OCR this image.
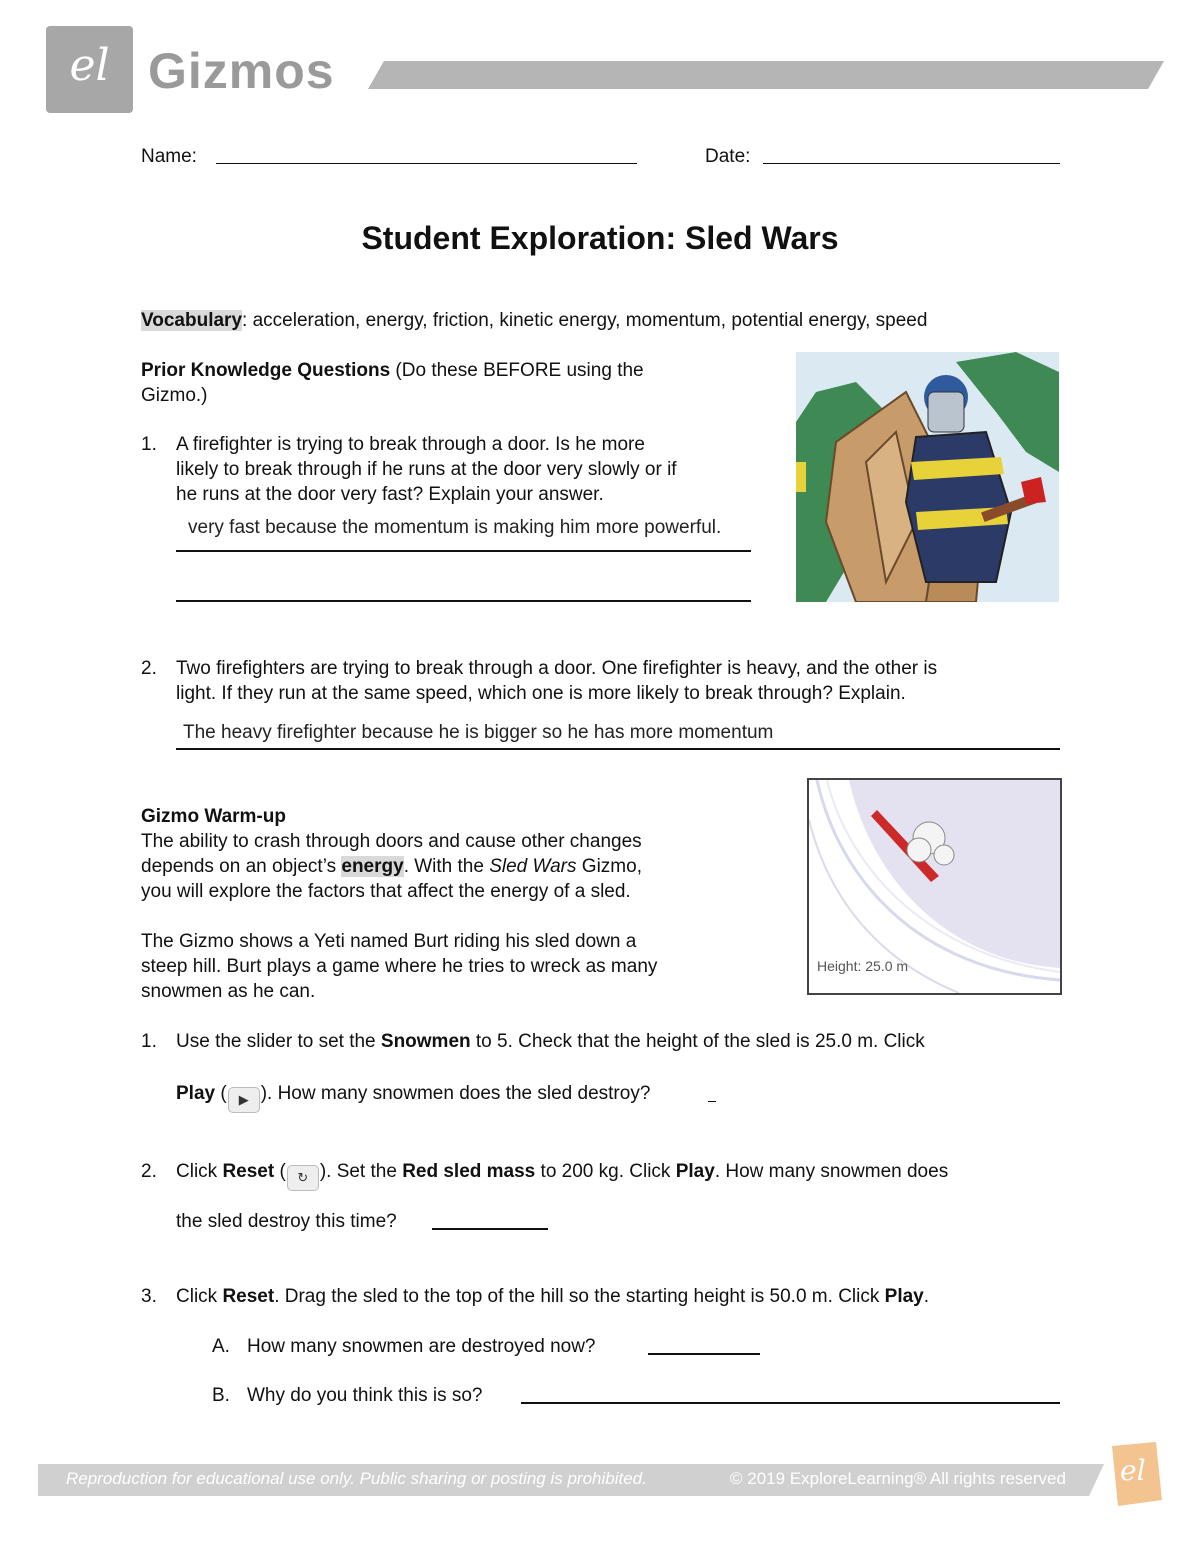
el Gizmos
Name:	Date:
Student Exploration: Sled Wars
Vocabulary: acceleration, energy, friction, kinetic energy, momentum, potential energy, speed
Prior Knowledge Questions (Do these BEFORE using the
Gizmo.)
1. A firefighter is trying to break through a door. Is he more
likely to break through if he runs at the door very slowly or if
he runs at the door very fast? Explain your answer.
very fast because the momentum is making him more powerful.
2. Two firefighters are trying to break through a door. One firefighter is heavy, and the other is
light. If they run at the same speed, which one is more likely to break through? Explain.
The heavy firefighter because he is bigger so he has more momentum
Gizmo Warm-up
The ability to crash through doors and cause other changes
depends on an object’s energy. With the Sled Wars Gizmo,
you will explore the factors that affect the energy of a sled.
The Gizmo shows a Yeti named Burt riding his sled down a
steep hill. Burt plays a game where he tries to wreck as many
snowmen as he can.
Height: 25.0 m
1. Use the slider to set the Snowmen to 5. Check that the height of the sled is 25.0 m. Click
Play ( ▶ ). How many snowmen does the sled destroy?
2. Click Reset ( ↻ ). Set the Red sled mass to 200 kg. Click Play. How many snowmen does
the sled destroy this time?
3. Click Reset. Drag the sled to the top of the hill so the starting height is 50.0 m. Click Play.
A. How many snowmen are destroyed now?
B. Why do you think this is so?
Reproduction for educational use only. Public sharing or posting is prohibited.	© 2019 ExploreLearning® All rights reserved el
